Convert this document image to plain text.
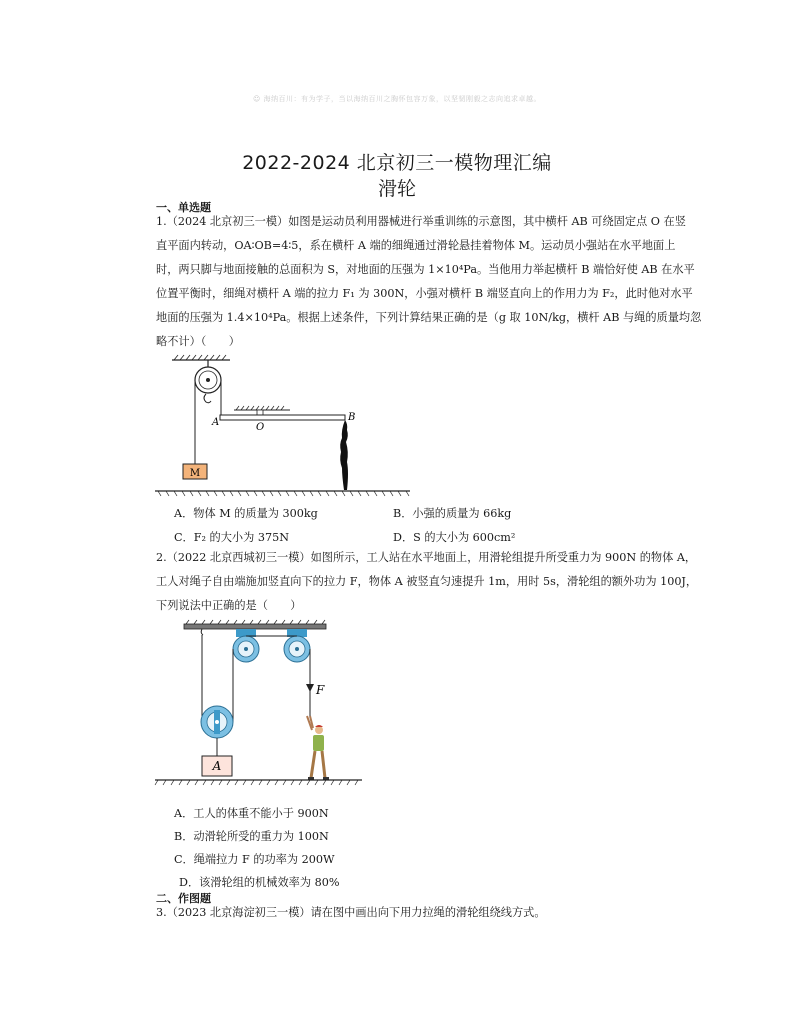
☺ 海纳百川：有为学子，当以海纳百川之胸怀包容万象，以坚韧刚毅之志向追求卓越。
2022-2024 北京初三一模物理汇编
滑轮
一、单选题
1.（2024 北京初三一模）如图是运动员利用器械进行举重训练的示意图，其中横杆 AB 可绕固定点 O 在竖
直平面内转动，OA∶OB=4∶5，系在横杆 A 端的细绳通过滑轮悬挂着物体 M。运动员小强站在水平地面上
时，两只脚与地面接触的总面积为 S，对地面的压强为 1×10⁴Pa。当他用力举起横杆 B 端恰好使 AB 在水平
位置平衡时，细绳对横杆 A 端的拉力 F₁ 为 300N，小强对横杆 B 端竖直向上的作用力为 F₂，此时他对水平
地面的压强为 1.4×10⁴Pa。根据上述条件，下列计算结果正确的是（g 取 10N/kg，横杆 AB 与绳的质量均忽
略不计）（　　）
M
A	O
B
A．物体 M 的质量为 300kg	B．小强的质量为 66kg
C．F₂ 的大小为 375N	D．S 的大小为 600cm²
2.（2022 北京西城初三一模）如图所示，工人站在水平地面上，用滑轮组提升所受重力为 900N 的物体 A，
工人对绳子自由端施加竖直向下的拉力 F，物体 A 被竖直匀速提升 1m，用时 5s，滑轮组的额外功为 100J，
下列说法中正确的是（　　）
F
A
A．工人的体重不能小于 900N
B．动滑轮所受的重力为 100N
C．绳端拉力 F 的功率为 200W
D．该滑轮组的机械效率为 80%
二、作图题
3.（2023 北京海淀初三一模）请在图中画出向下用力拉绳的滑轮组绕线方式。
